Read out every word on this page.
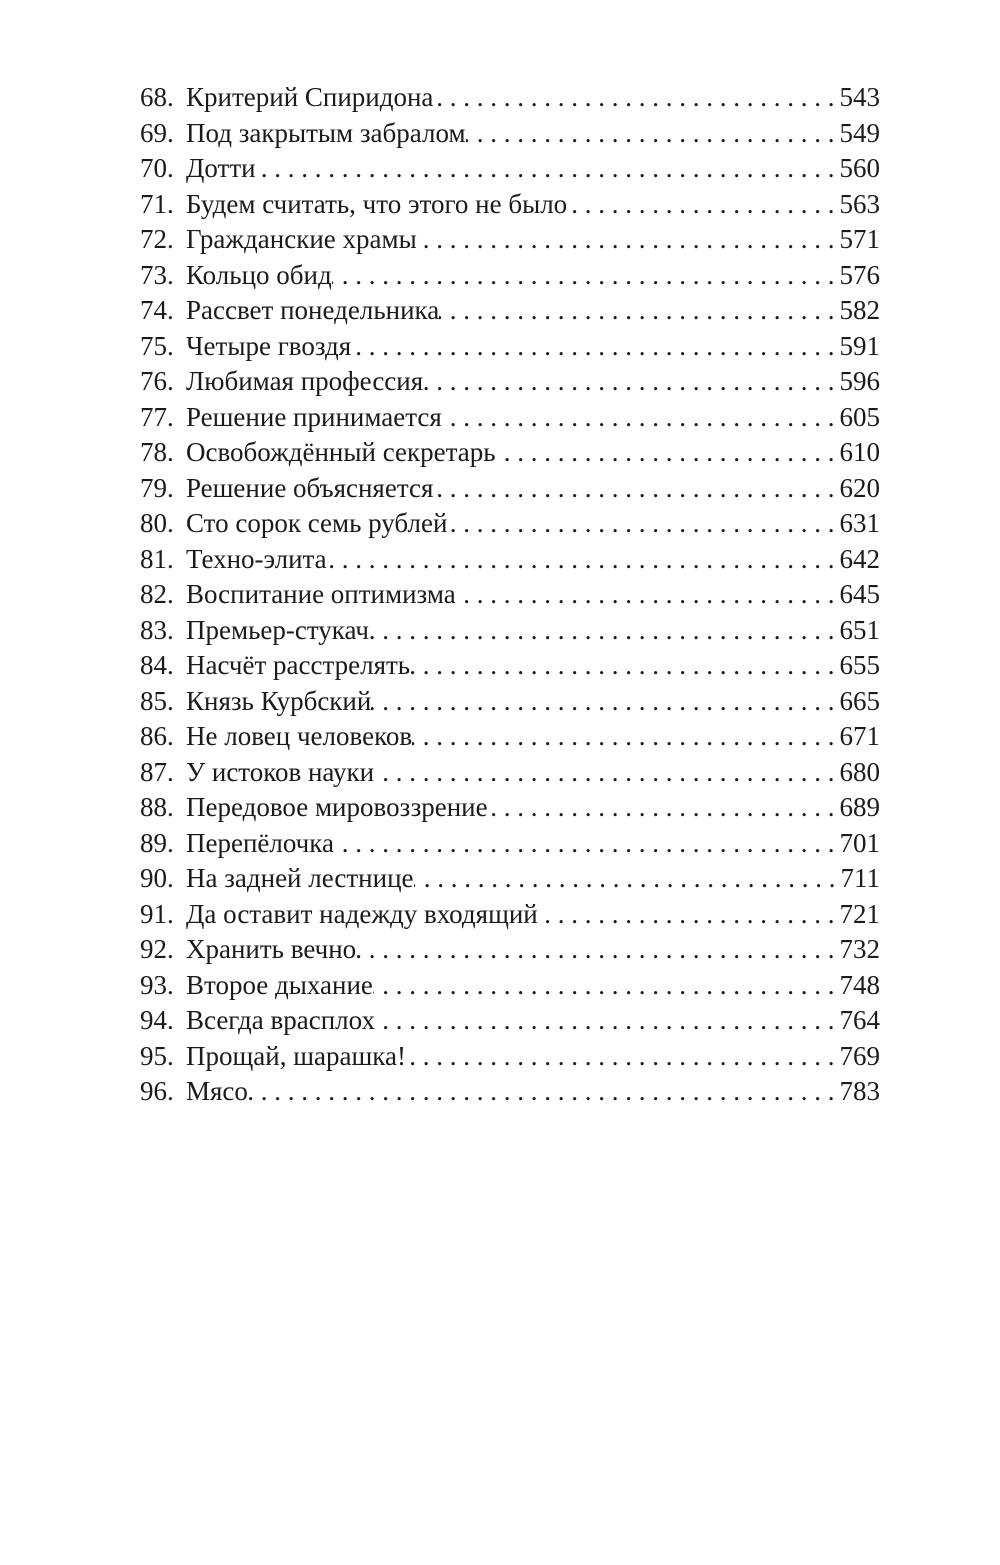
68. Критерий Спиридона . . .	543
69. Под закрытым забралом . . .	549
70. Дотти . . .	560
71. Будем считать, что этого не было . . .	563
72. Гражданские храмы . . .	571
73. Кольцо обид . . .	576
74. Рассвет понедельника . . .	582
75. Четыре гвоздя . . .	591
76. Любимая профессия . . .	596
77. Решение принимается . . .	605
78. Освобождённый секретарь . . .	610
79. Решение объясняется . . .	620
80. Сто сорок семь рублей . . .	631
81. Техно-элита . . .	642
82. Воспитание оптимизма . . .	645
83. Премьер-стукач . . .	651
84. Насчёт расстрелять . . .	655
85. Князь Курбский . . .	665
86. Не ловец человеков . . .	671
87. У истоков науки . . .	680
88. Передовое мировоззрение . . .	689
89. Перепёлочка . . .	701
90. На задней лестнице . . .	711
91. Да оставит надежду входящий . . .	721
92. Хранить вечно . . .	732
93. Второе дыхание . . .	748
94. Всегда врасплох . . .	764
95. Прощай, шарашка! . . .	769
96. Мясо . . .	783
